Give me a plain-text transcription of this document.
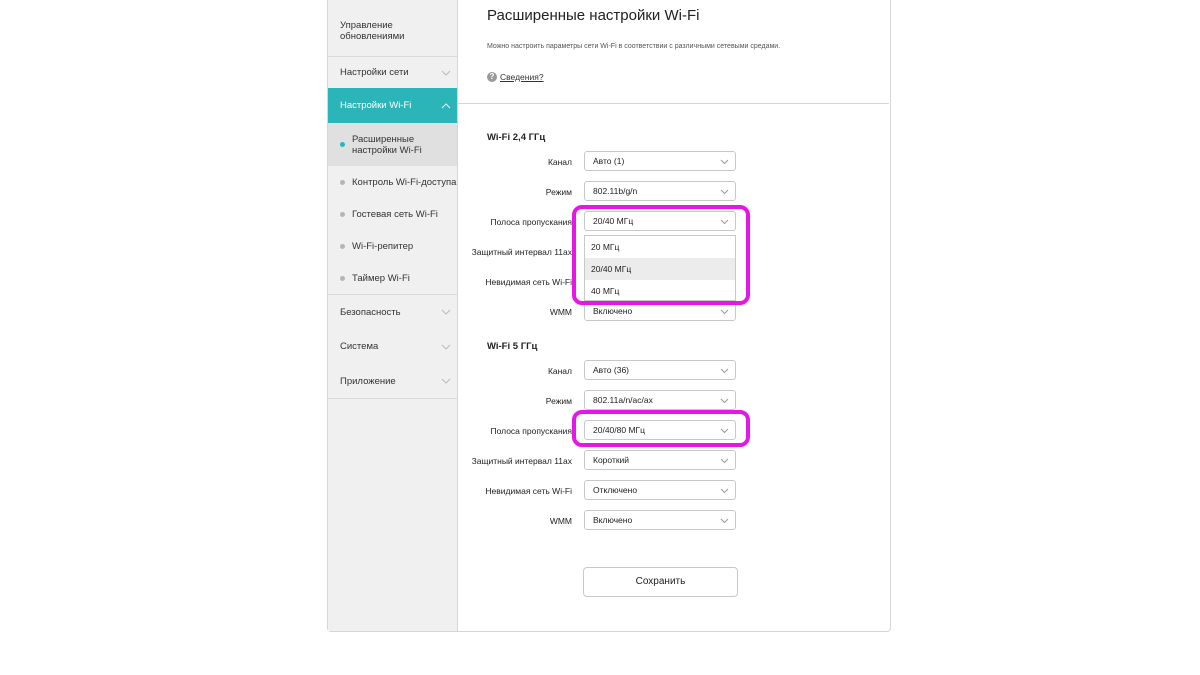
Управление обновлениями
Настройки сети
Настройки Wi-Fi
Расширенные настройки Wi-Fi
Контроль Wi-Fi-доступа
Гостевая сеть Wi-Fi
Wi-Fi-репитер
Таймер Wi-Fi
Безопасность
Система
Приложение
Расширенные настройки Wi-Fi
Можно настроить параметры сети Wi-Fi в соответствии с различными сетевыми средами.
? Сведения?
Wi-Fi 2,4 ГГц
Канал	Авто (1)
Режим	802.11b/g/n
Полоса пропускания	20/40 МГц
Защитный интервал 11ax
Невидимая сеть Wi-Fi
WMM	Включено
20 МГц
20/40 МГц
40 МГц
Wi-Fi 5 ГГц
Канал	Авто (36)
Режим	802.11a/n/ac/ax
Полоса пропускания	20/40/80 МГц
Защитный интервал 11ax	Короткий
Невидимая сеть Wi-Fi	Отключено
WMM	Включено
Сохранить
